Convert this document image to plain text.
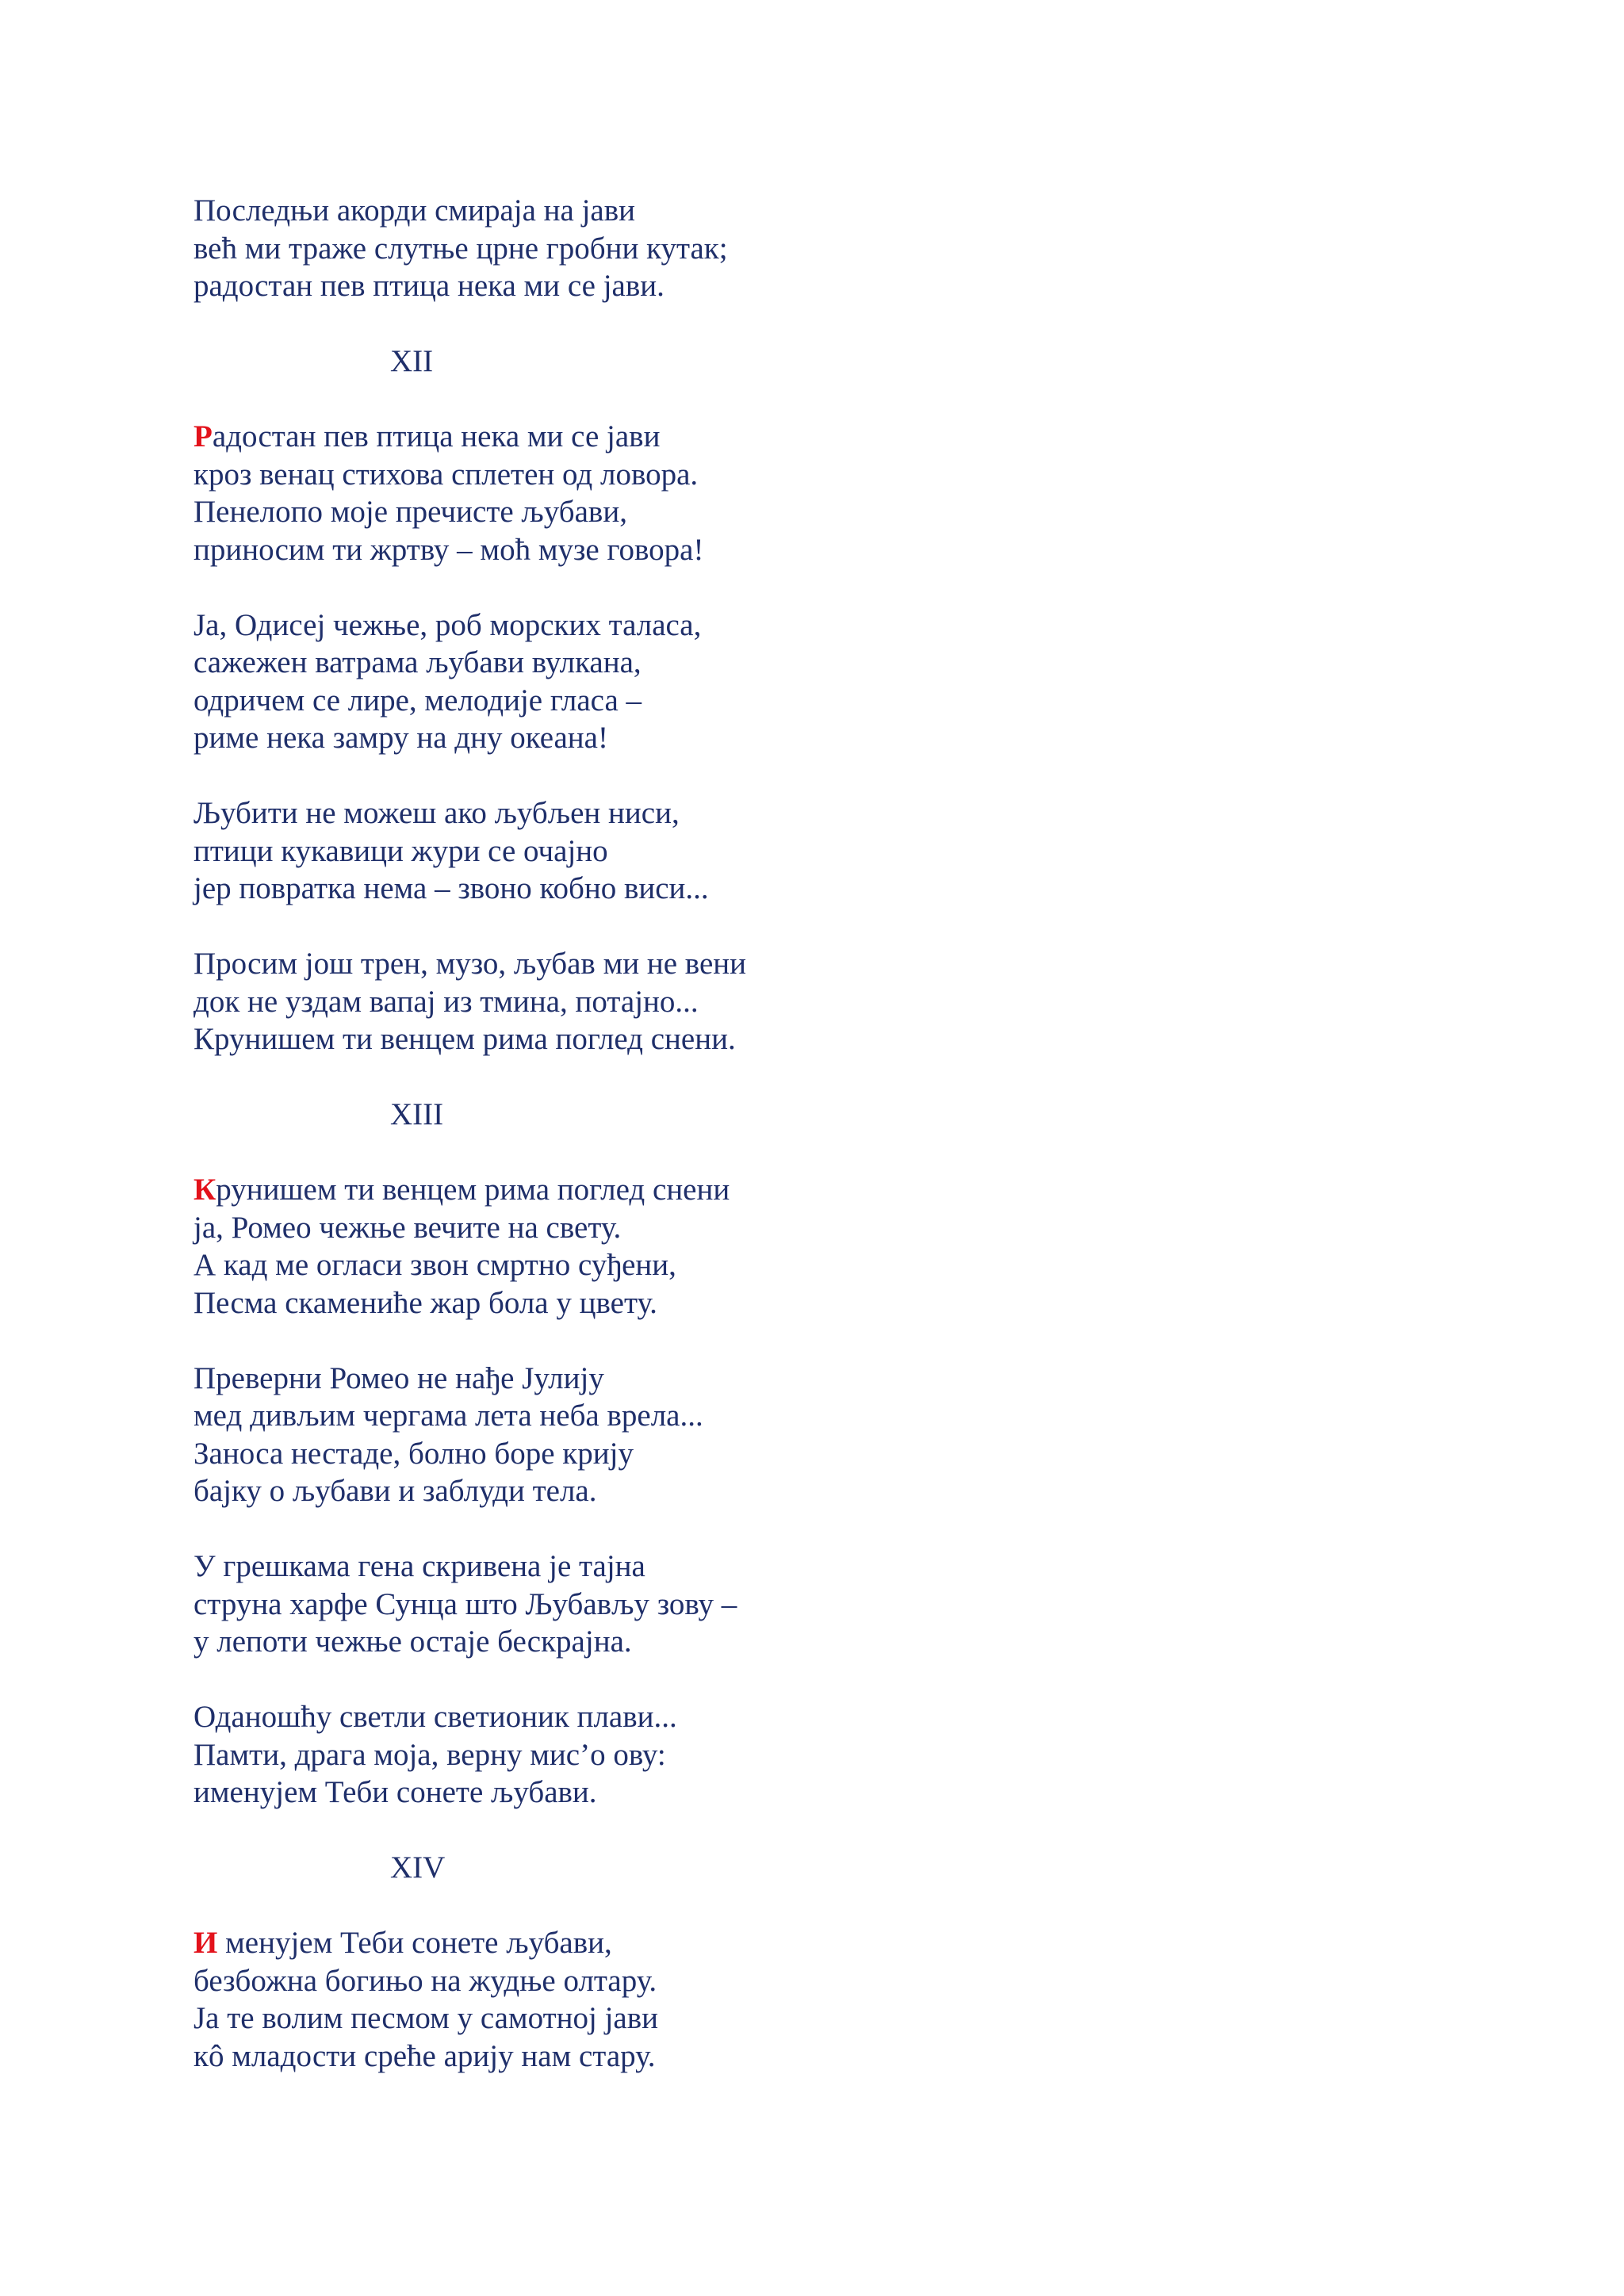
Последњи акорди смираја на јави
већ ми траже слутње црне гробни кутак;
радостан пев птица нека ми се јави.
XII
Радостан пев птица нека ми се јави
кроз венац стихова сплетен од ловора.
Пенелопо моје пречисте љубави,
приносим ти жртву – моћ музе говора!
Ја, Одисеј чежње, роб морских таласа,
сажежен ватрама љубави вулкана,
одричем се лире, мелодије гласа –
риме нека замру на дну океана!
Љубити не можеш ако љубљен ниси,
птици кукавици жури се очајно
јер повратка нема – звоно кобно виси...
Просим још трен, музо, љубав ми не вени
док не уздам вапај из тмина, потајно...
Крунишем ти венцем рима поглед снени.
XIII
Крунишем ти венцем рима поглед снени
ја, Ромео чежње вечите на свету.
А кад ме огласи звон смртно суђени,
Песма скамениће жар бола у цвету.
Преверни Ромео не нађе Јулију
мед дивљим чергама лета неба врела...
Заноса нестаде, болно боре крију
бајку о љубави и заблуди тела.
У грешкама гена скривена је тајна
струна харфе Сунца што Љубављу зову –
у лепоти чежње остаје бескрајна.
Оданошћу светли светионик плави...
Памти, драга моја, верну мис’о ову:
именујем Теби сонете љубави.
XIV
И менујем Теби сонете љубави,
безбожна богињо на жудње олтару.
Ја те волим песмом у самотној јави
кô младости среће арију нам стару.
